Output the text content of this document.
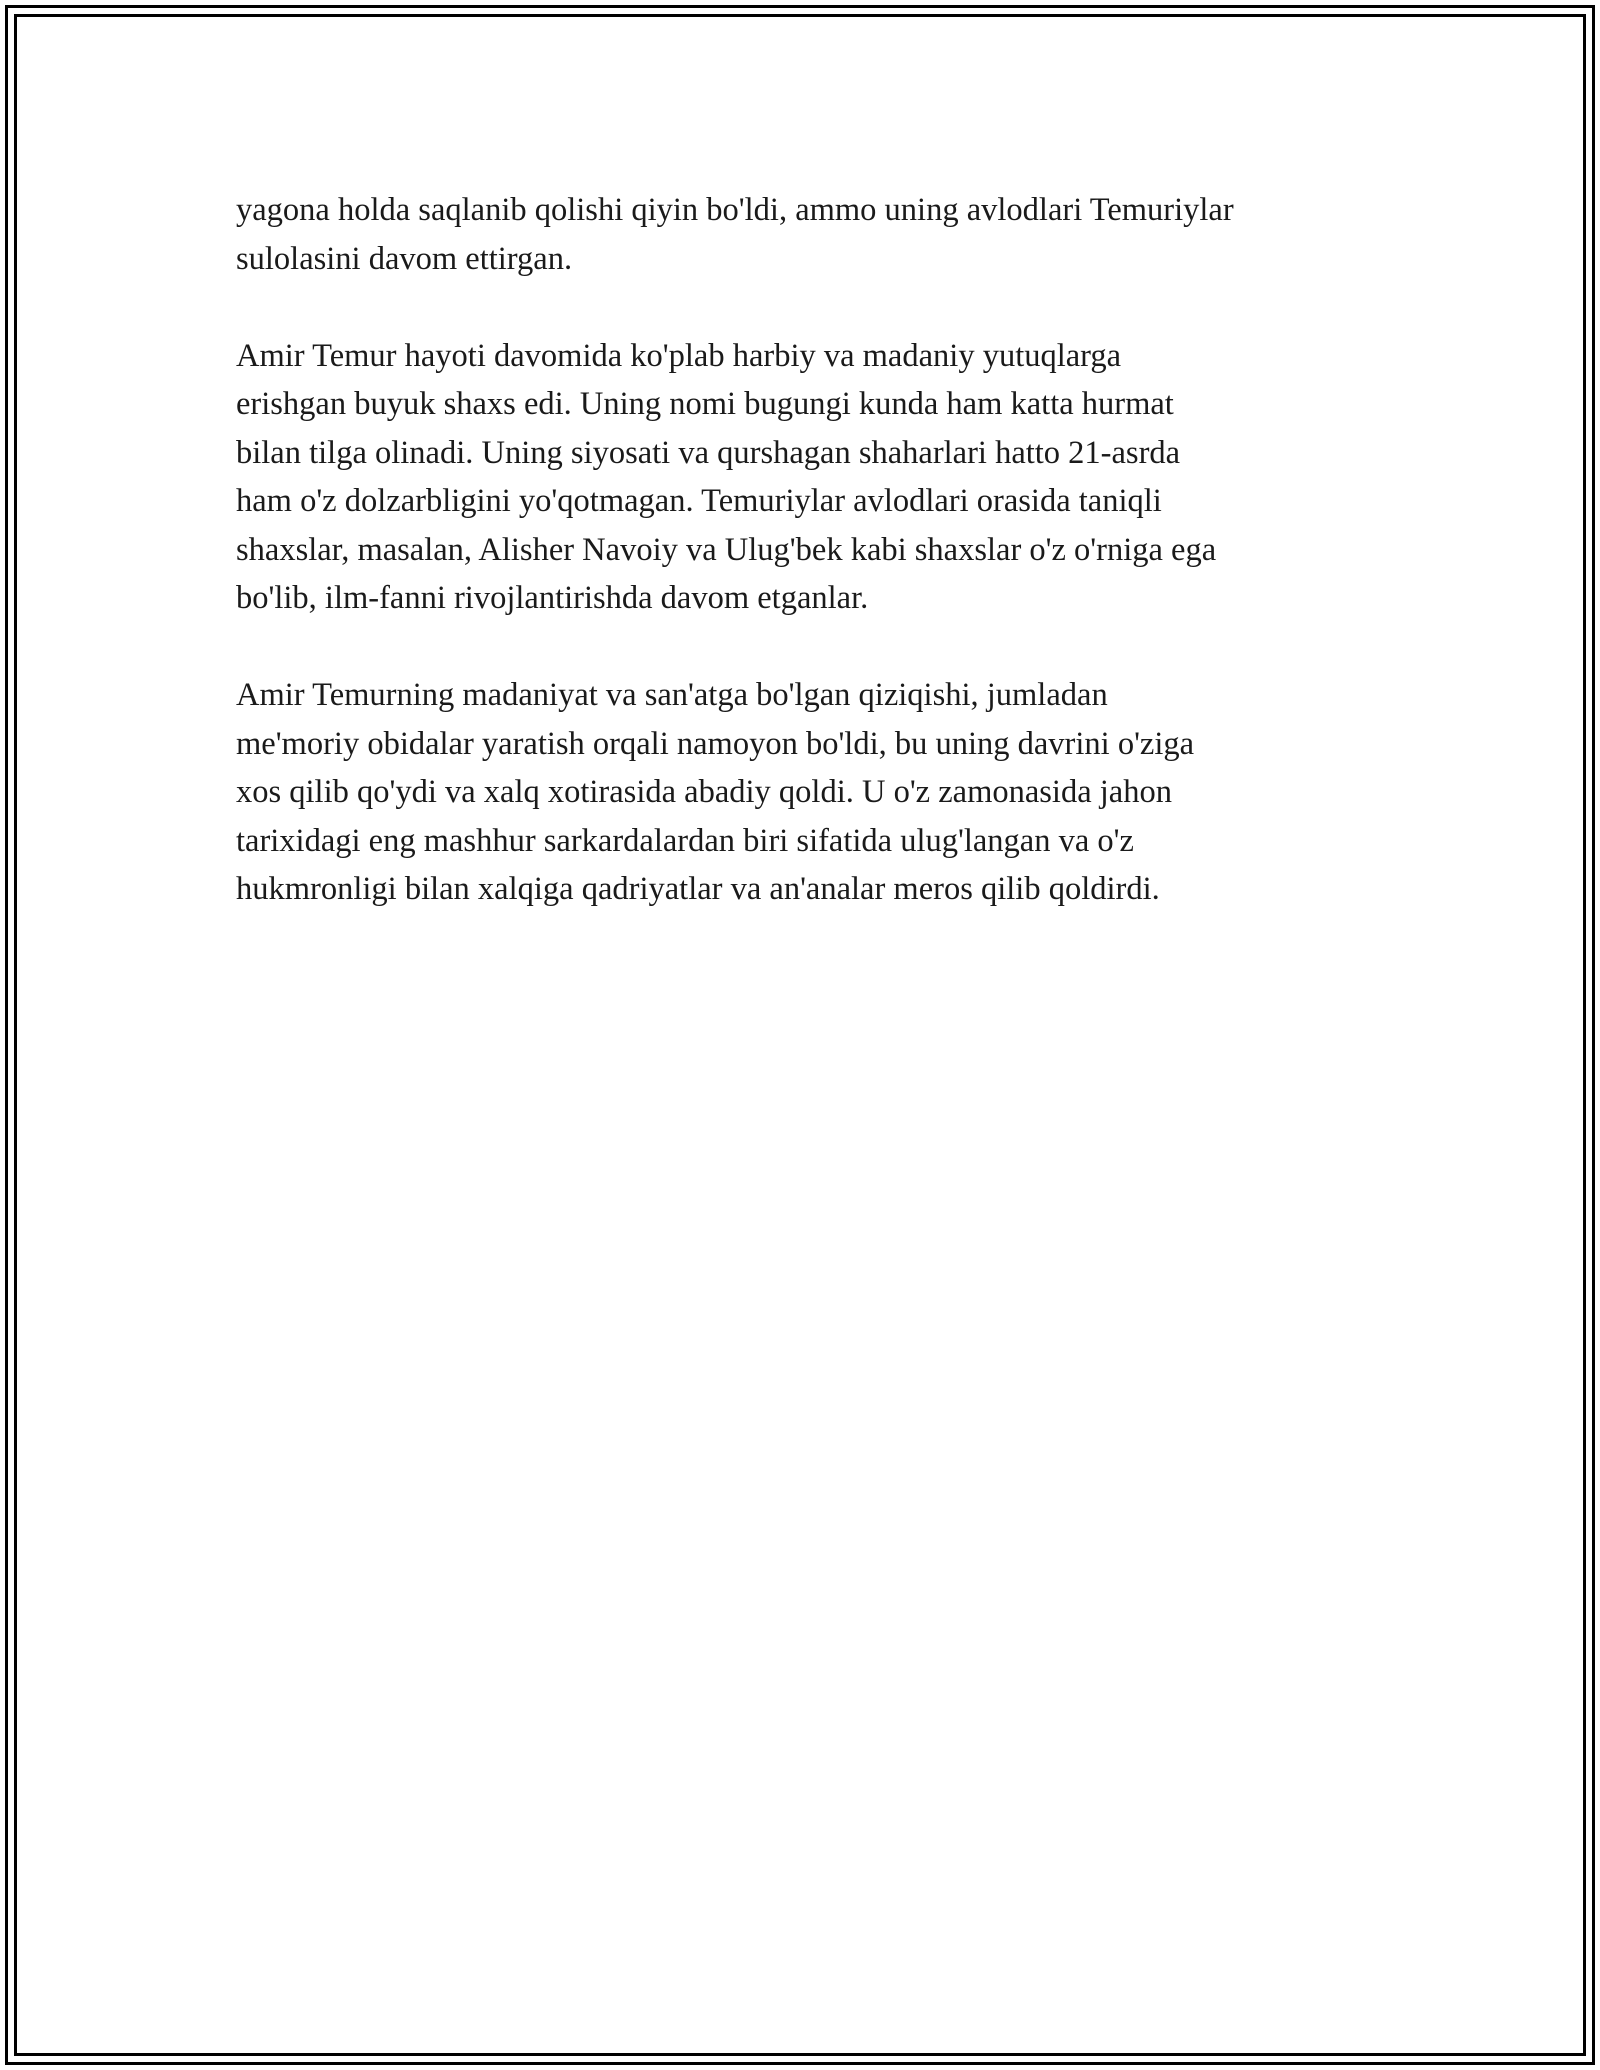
yagona holda saqlanib qolishi qiyin bo'ldi, ammo uning avlodlari Temuriylar
sulolasini davom ettirgan.

Amir Temur hayoti davomida ko'plab harbiy va madaniy yutuqlarga
erishgan buyuk shaxs edi. Uning nomi bugungi kunda ham katta hurmat
bilan tilga olinadi. Uning siyosati va qurshagan shaharlari hatto 21-asrda
ham o'z dolzarbligini yo'qotmagan. Temuriylar avlodlari orasida taniqli
shaxslar, masalan, Alisher Navoiy va Ulug'bek kabi shaxslar o'z o'rniga ega
bo'lib, ilm-fanni rivojlantirishda davom etganlar.

Amir Temurning madaniyat va san'atga bo'lgan qiziqishi, jumladan
me'moriy obidalar yaratish orqali namoyon bo'ldi, bu uning davrini o'ziga
xos qilib qo'ydi va xalq xotirasida abadiy qoldi. U o'z zamonasida jahon
tarixidagi eng mashhur sarkardalardan biri sifatida ulug'langan va o'z
hukmronligi bilan xalqiga qadriyatlar va an'analar meros qilib qoldirdi.
